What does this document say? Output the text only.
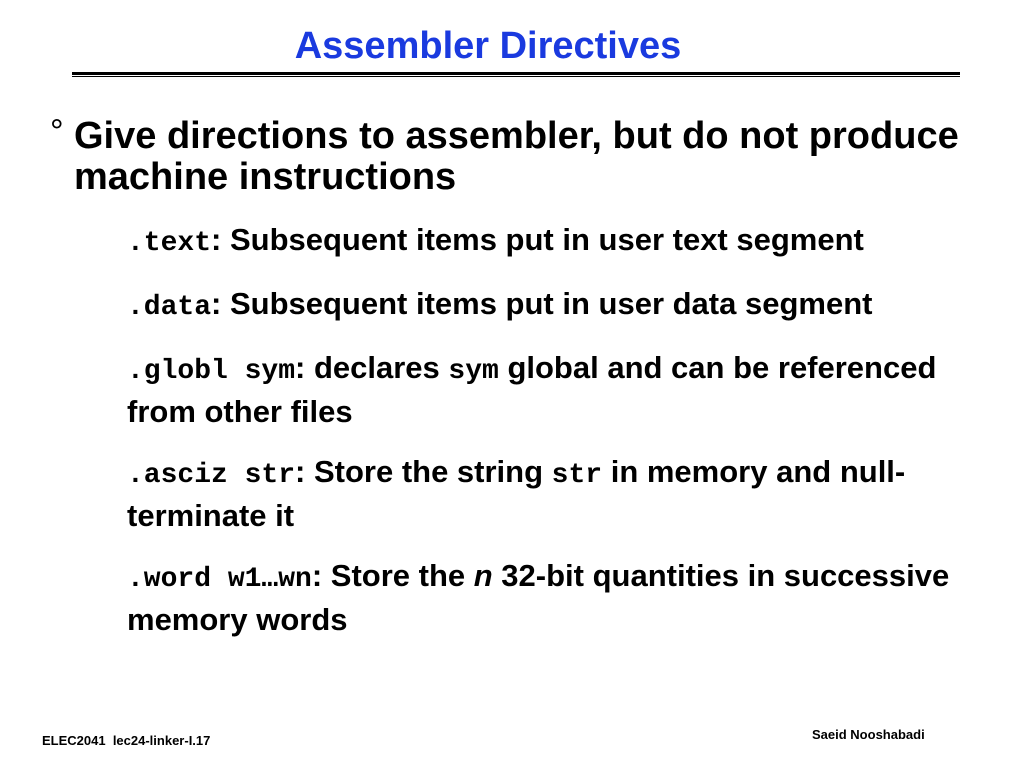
Assembler Directives
° Give directions to assembler, but do not produce machine instructions

.text: Subsequent items put in user text segment
.data: Subsequent items put in user data segment
.globl sym: declares sym global and can be referenced from other files
.asciz str: Store the string str in memory and null-terminate it
.word w1…wn: Store the n 32-bit quantities in successive memory words
ELEC2041  lec24-linker-I.17	Saeid Nooshabadi
